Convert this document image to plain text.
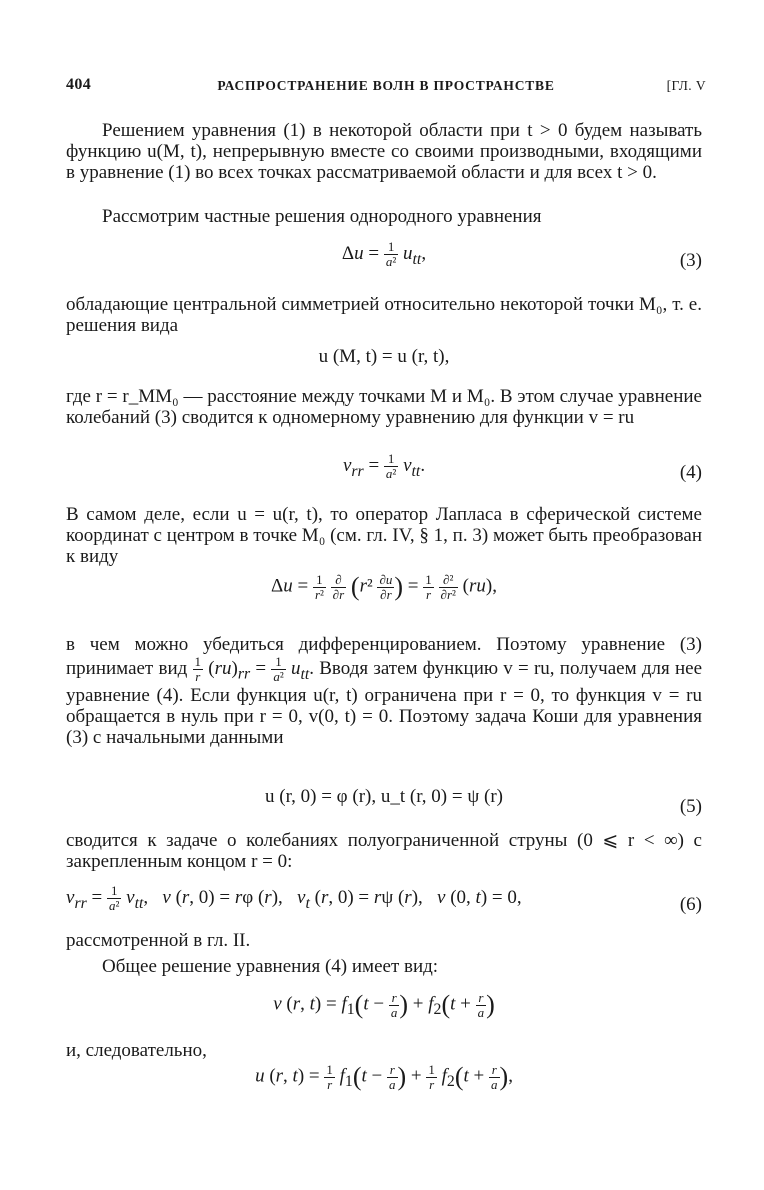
404	РАСПРОСТРАНЕНИЕ ВОЛН В ПРОСТРАНСТВЕ	[ГЛ. V
Решением уравнения (1) в некоторой области при t > 0 будем называть функцию u(M, t), непрерывную вместе со своими производными, входящими в уравнение (1) во всех точках рассматриваемой области и для всех t > 0.
Рассмотрим частные решения однородного уравнения
$\Delta u = \frac{1}{\text{a²}} u_{tt}$,	(3)
обладающие центральной симметрией относительно некоторой точки M₀, т. е. решения вида
u (M, t) = u (r, t),
где r = r_MM₀ — расстояние между точками M и M₀. В этом случае уравнение колебаний (3) сводится к одномерному уравнению для функции v = ru
$v_{rr} = \frac{1}{\text{a²}} v_{tt}$.	(4)
В самом деле, если u = u(r, t), то оператор Лапласа в сферической системе координат с центром в точке M₀ (см. гл. IV, § 1, п. 3) может быть преобразован к виду
$\Delta u = \frac{1}{\text{r²}}$
$\frac{\partial}{\partial r} (r^2 \frac{\partial u}{\partial r}$ ) = $\frac{1}{r}$
$\frac{\text{∂²}}{\text{∂r²}} (ru)$,
в чем можно убедиться дифференцированием. Поэтому уравнение (3) принимает вид $\frac{1}{r} (ru)_{rr} = \frac{1}{\text{a²}} u_{tt}$. Вводя затем функцию v = ru, получаем для нее уравнение (4). Если функция u(r, t) ограничена при r = 0, то функция v = ru обращается в нуль при r = 0, v(0, t) = 0. Поэтому задача Коши для уравнения (3) с начальными данными
u (r, 0) = φ (r), u_t (r, 0) = ψ (r)	(5)
сводится к задаче о колебаниях полуограниченной струны (0 ⩽ r < ∞) с закрепленным концом r = 0:
$v_{rr} = \frac{1}{\text{a²}} v_{tt}$,   v (r, 0) = rφ (r),   $v_t$ (r, 0) = rψ (r),   v (0, t) = 0,	(6)
рассмотренной в гл. II.
Общее решение уравнения (4) имеет вид:
v (r, $t) = f_1(t - \frac{r}{a}$ ) + $f_2(t + \frac{r}{a}$ )
и, следовательно,
u (r, $t) = \frac{1}{r} f_1(t - \frac{r}{a}$ ) + $\frac{1}{r} f_2(t + \frac{r}{a}$ ),
